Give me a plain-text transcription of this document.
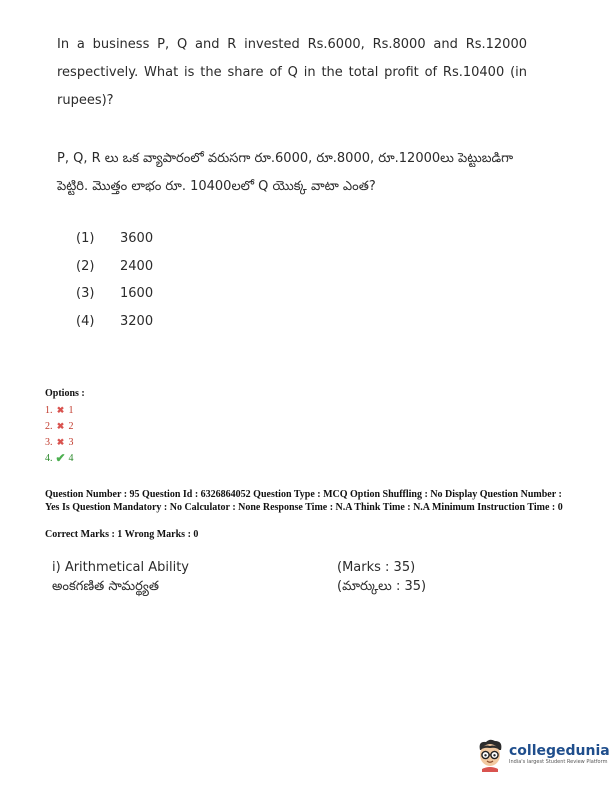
In a business P, Q and R invested Rs.6000, Rs.8000 and Rs.12000 respectively. What is the share of Q in the total profit of Rs.10400 (in rupees)?
P, Q, R లు ఒక వ్యాపారంలో వరుసగా రూ.6000, రూ.8000, రూ.12000లు పెట్టుబడిగా పెట్టిరి. మొత్తం లాభం రూ. 10400లలో Q యొక్క వాటా ఎంత?
(1)	3600
(2)	2400
(3)	1600
(4)	3200
Options :
1. ✖ 1
2. ✖ 2
3. ✖ 3
4. ✔ 4
Question Number : 95 Question Id : 6326864052 Question Type : MCQ Option Shuffling : No Display Question Number : Yes Is Question Mandatory : No Calculator : None Response Time : N.A Think Time : N.A Minimum Instruction Time : 0
Correct Marks : 1 Wrong Marks : 0
i) Arithmetical Ability	(Marks : 35)
అంకగణిత సామర్థ్యత	(మార్కులు : 35)
collegedunia
India's largest Student Review Platform
